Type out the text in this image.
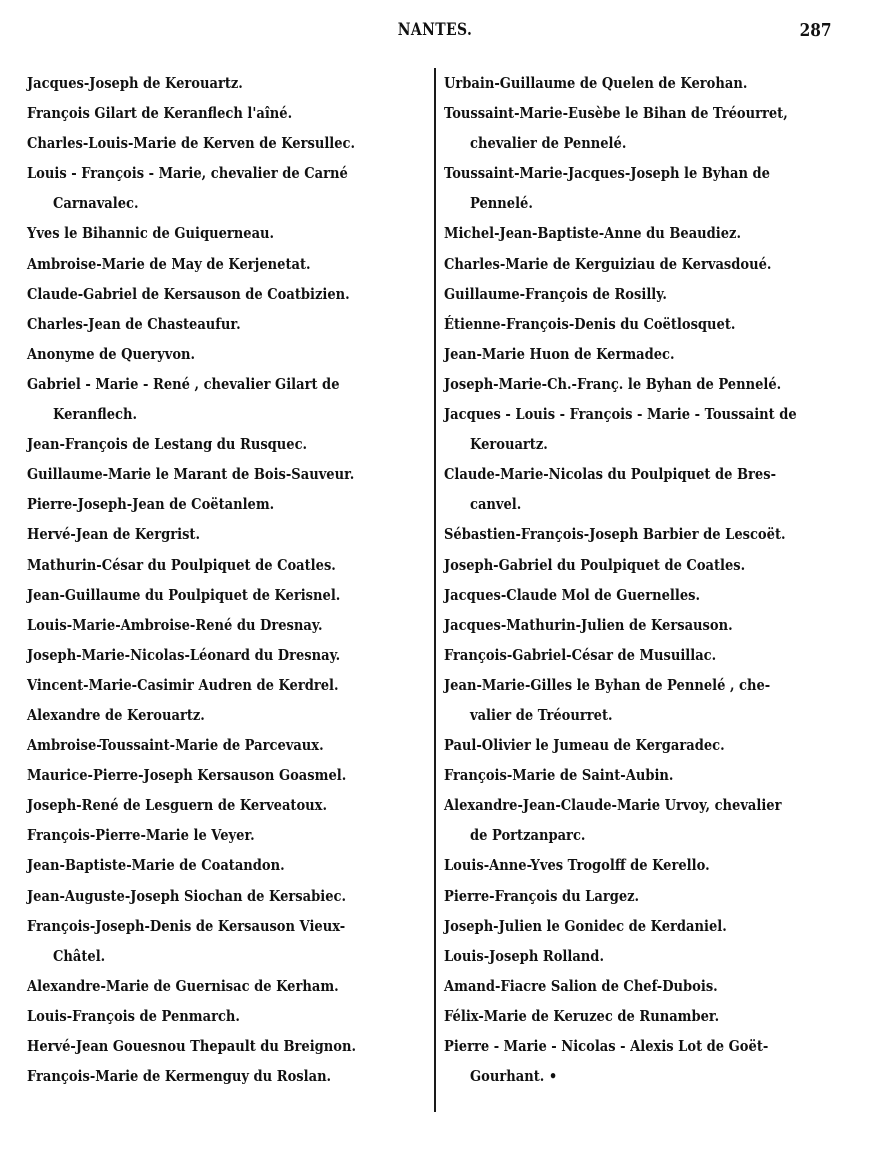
NANTES.	287
Jacques-Joseph de Kerouartz.
François Gilart de Keranflech l'aîné.
Charles-Louis-Marie de Kerven de Kersullec.
Louis - François - Marie, chevalier de Carné
Carnavalec.
Yves le Bihannic de Guiquerneau.
Ambroise-Marie de May de Kerjenetat.
Claude-Gabriel de Kersauson de Coatbizien.
Charles-Jean de Chasteaufur.
Anonyme de Queryvon.
Gabriel - Marie - René , chevalier Gilart de
Keranflech.
Jean-François de Lestang du Rusquec.
Guillaume-Marie le Marant de Bois-Sauveur.
Pierre-Joseph-Jean de Coëtanlem.
Hervé-Jean de Kergrist.
Mathurin-César du Poulpiquet de Coatles.
Jean-Guillaume du Poulpiquet de Kerisnel.
Louis-Marie-Ambroise-René du Dresnay.
Joseph-Marie-Nicolas-Léonard du Dresnay.
Vincent-Marie-Casimir Audren de Kerdrel.
Alexandre de Kerouartz.
Ambroise-Toussaint-Marie de Parcevaux.
Maurice-Pierre-Joseph Kersauson Goasmel.
Joseph-René de Lesguern de Kerveatoux.
François-Pierre-Marie le Veyer.
Jean-Baptiste-Marie de Coatandon.
Jean-Auguste-Joseph Siochan de Kersabiec.
François-Joseph-Denis de Kersauson Vieux-
Châtel.
Alexandre-Marie de Guernisac de Kerham.
Louis-François de Penmarch.
Hervé-Jean Gouesnou Thepault du Breignon.
François-Marie de Kermenguy du Roslan.
Urbain-Guillaume de Quelen de Kerohan.
Toussaint-Marie-Eusèbe le Bihan de Tréourret,
chevalier de Pennelé.
Toussaint-Marie-Jacques-Joseph le Byhan de
Pennelé.
Michel-Jean-Baptiste-Anne du Beaudiez.
Charles-Marie de Kerguiziau de Kervasdoué.
Guillaume-François de Rosilly.
Étienne-François-Denis du Coëtlosquet.
Jean-Marie Huon de Kermadec.
Joseph-Marie-Ch.-Franç. le Byhan de Pennelé.
Jacques - Louis - François - Marie - Toussaint de
Kerouartz.
Claude-Marie-Nicolas du Poulpiquet de Bres-
canvel.
Sébastien-François-Joseph Barbier de Lescoët.
Joseph-Gabriel du Poulpiquet de Coatles.
Jacques-Claude Mol de Guernelles.
Jacques-Mathurin-Julien de Kersauson.
François-Gabriel-César de Musuillac.
Jean-Marie-Gilles le Byhan de Pennelé , che-
valier de Tréourret.
Paul-Olivier le Jumeau de Kergaradec.
François-Marie de Saint-Aubin.
Alexandre-Jean-Claude-Marie Urvoy, chevalier
de Portzanparc.
Louis-Anne-Yves Trogolff de Kerello.
Pierre-François du Largez.
Joseph-Julien le Gonidec de Kerdaniel.
Louis-Joseph Rolland.
Amand-Fiacre Salion de Chef-Dubois.
Félix-Marie de Keruzec de Runamber.
Pierre - Marie - Nicolas - Alexis Lot de Goët-
Gourhant. •
